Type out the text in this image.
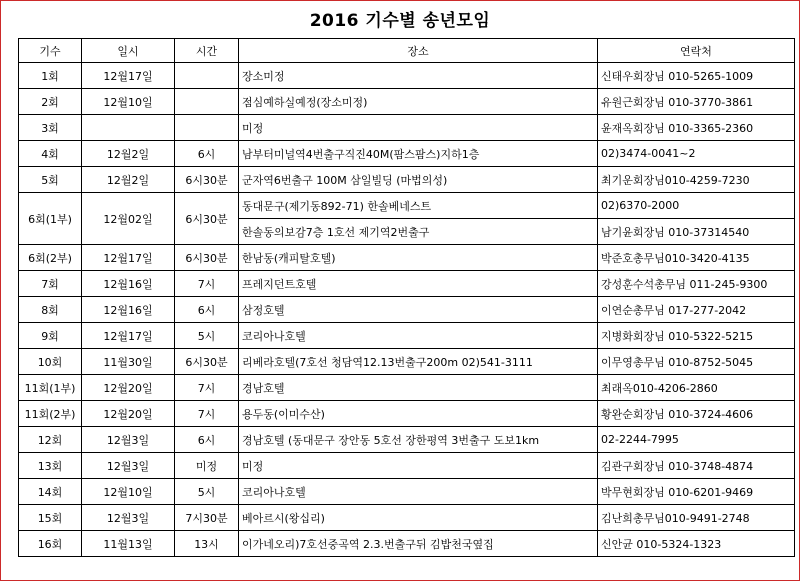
2016 기수별 송년모임
기수	일시	시간	장소	연락처
1회	12월17일		장소미정	신태우회장님 010-5265-1009
2회	12월10일		점심예하실예정(장소미정)	유원근회장님 010-3770-3861
3회			미정	윤재옥회장님 010-3365-2360
4회	12월2일	6시	남부터미널역4번출구직진40M(팜스팜스)지하1층	02)3474-0041~2
5회	12월2일	6시30분	군자역6번출구 100M 삼일빌딩 (마법의성)	최기운회장님010-4259-7230
6회(1부)	12월02일	6시30분	동대문구(제기동892-71) 한솔베네스트	02)6370-2000
			한솔동의보감7층 1호선 제기역2번출구	남기윤회장님 010-37314540
6회(2부)	12월17일	6시30분	한남동(캐피탈호텔)	박준호총무님010-3420-4135
7회	12월16일	7시	프레지던트호텔	강성훈수석총무님 011-245-9300
8회	12월16일	6시	삼정호텔	이연순총무님 017-277-2042
9회	12월17일	5시	코리아나호텔	지병화회장님 010-5322-5215
10회	11월30일	6시30분	리베라호텔(7호선 청담역12.13번출구200m 02)541-3111	이무영총무님 010-8752-5045
11회(1부)	12월20일	7시	경남호텔	최래옥010-4206-2860
11회(2부)	12월20일	7시	용두동(이미수산)	황완순회장님 010-3724-4606
12회	12월3일	6시	경남호텔 (동대문구 장안동 5호선 장한평역 3번출구 도보1km	02-2244-7995
13회	12월3일	미정	미정	김관구회장님 010-3748-4874
14회	12월10일	5시	코리아나호텔	박무현회장님 010-6201-9469
15회	12월3일	7시30분	베아르시(왕십리)	김난희총무님010-9491-2748
16회	11월13일	13시	이가네오리)7호선중곡역 2.3.번출구뒤 김밥천국옆집	신안균 010-5324-1323
